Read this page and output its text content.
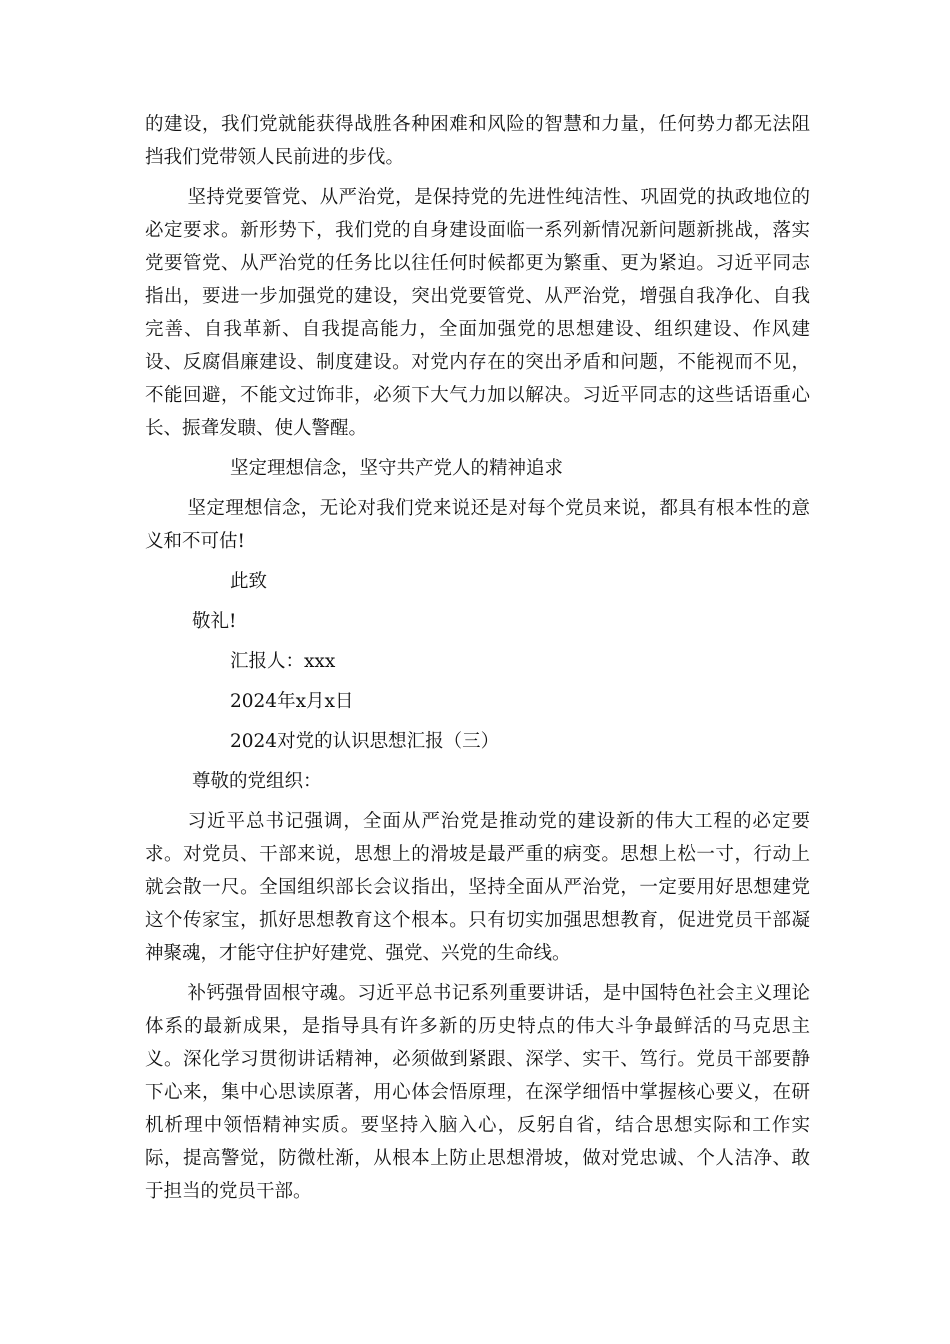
的建设，我们党就能获得战胜各种困难和风险的智慧和力量，任何势力都无法阻挡我们党带领人民前进的步伐。

坚持党要管党、从严治党，是保持党的先进性纯洁性、巩固党的执政地位的必定要求。新形势下，我们党的自身建设面临一系列新情况新问题新挑战，落实党要管党、从严治党的任务比以往任何时候都更为繁重、更为紧迫。习近平同志指出，要进一步加强党的建设，突出党要管党、从严治党，增强自我净化、自我完善、自我革新、自我提高能力，全面加强党的思想建设、组织建设、作风建设、反腐倡廉建设、制度建设。对党内存在的突出矛盾和问题，不能视而不见，不能回避，不能文过饰非，必须下大气力加以解决。习近平同志的这些话语重心长、振聋发聩、使人警醒。

坚定理想信念，坚守共产党人的精神追求

坚定理想信念，无论对我们党来说还是对每个党员来说，都具有根本性的意义和不可估!

此致

敬礼!

汇报人：xxx

2024年x月x日

2024对党的认识思想汇报（三）

尊敬的党组织：

习近平总书记强调，全面从严治党是推动党的建设新的伟大工程的必定要求。对党员、干部来说，思想上的滑坡是最严重的病变。思想上松一寸，行动上就会散一尺。全国组织部长会议指出，坚持全面从严治党，一定要用好思想建党这个传家宝，抓好思想教育这个根本。只有切实加强思想教育，促进党员干部凝神聚魂，才能守住护好建党、强党、兴党的生命线。

补钙强骨固根守魂。习近平总书记系列重要讲话，是中国特色社会主义理论体系的最新成果，是指导具有许多新的历史特点的伟大斗争最鲜活的马克思主义。深化学习贯彻讲话精神，必须做到紧跟、深学、实干、笃行。党员干部要静下心来，集中心思读原著，用心体会悟原理，在深学细悟中掌握核心要义，在研机析理中领悟精神实质。要坚持入脑入心，反躬自省，结合思想实际和工作实际，提高警觉，防微杜渐，从根本上防止思想滑坡，做对党忠诚、个人洁净、敢于担当的党员干部。
